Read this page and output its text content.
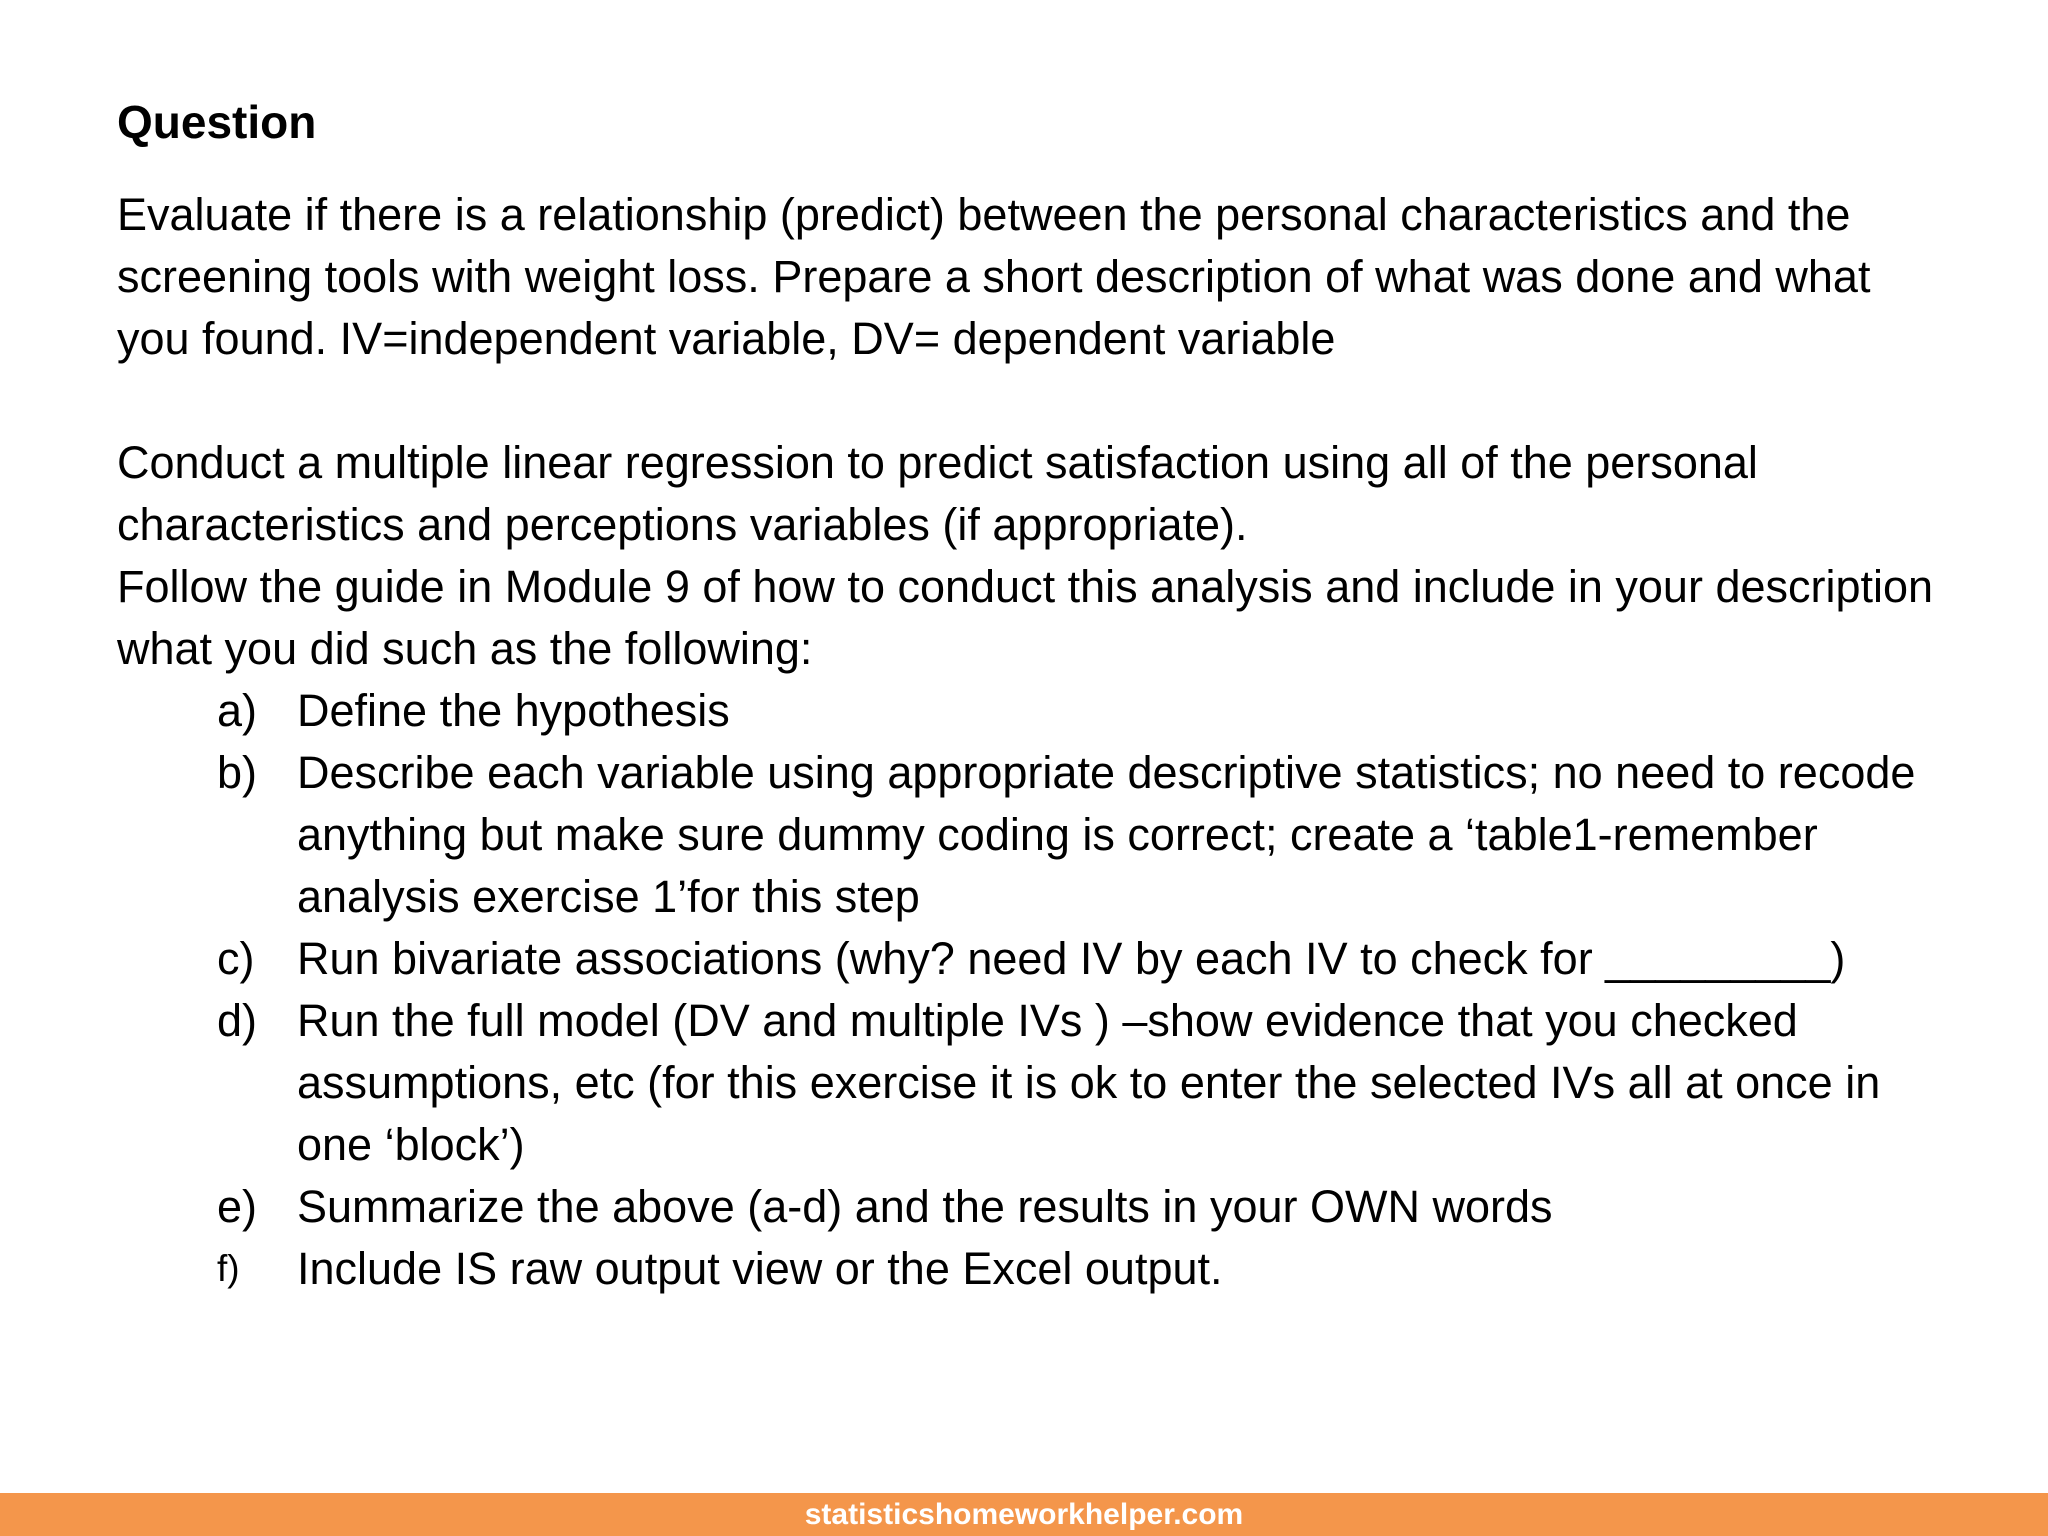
Question

Evaluate if there is a relationship (predict) between the personal characteristics and the screening tools with weight loss. Prepare a short description of what was done and what you found. IV=independent variable, DV= dependent variable

Conduct a multiple linear regression to predict satisfaction using all of the personal characteristics and perceptions variables (if appropriate).

Follow the guide in Module 9 of how to conduct this analysis and include in your description what you did such as the following:

a) Define the hypothesis
b) Describe each variable using appropriate descriptive statistics; no need to recode anything but make sure dummy coding is correct; create a ‘table1-remember analysis exercise 1’for this step
c) Run bivariate associations (why? need IV by each IV to check for _________)
d) Run the full model (DV and multiple IVs ) –show evidence that you checked assumptions, etc (for this exercise it is ok to enter the selected IVs all at once in one ‘block’)
e) Summarize the above (a-d) and the results in your OWN words
f)	Include IS raw output view or the Excel output.
statisticshomeworkhelper.com
